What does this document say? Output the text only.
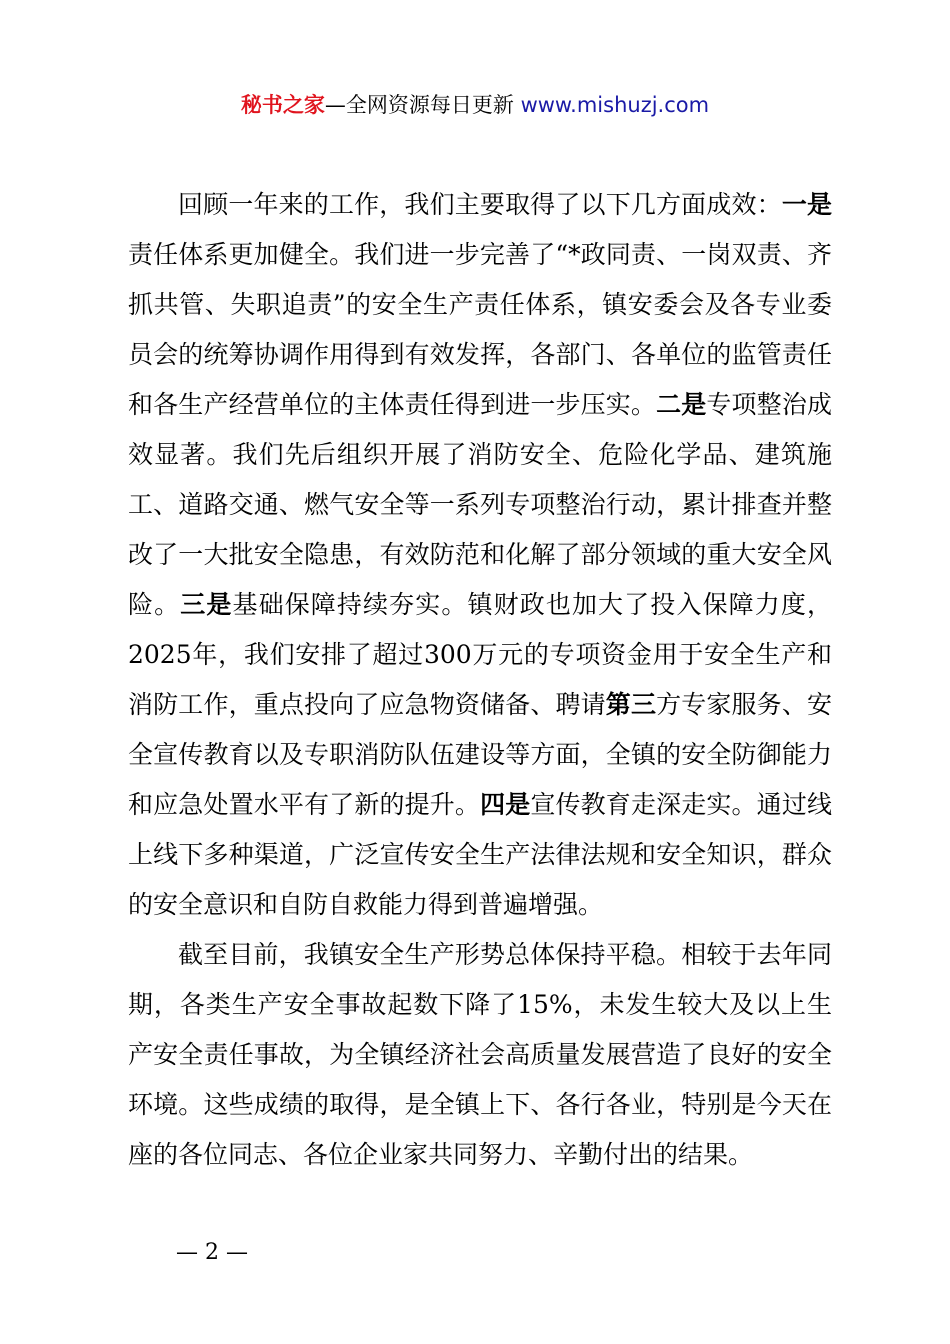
秘书之家—全网资源每日更新 www.mishuzj.com

回顾一年来的工作，我们主要取得了以下几方面成效：一是责任体系更加健全。我们进一步完善了“*政同责、一岗双责、齐抓共管、失职追责”的安全生产责任体系，镇安委会及各专业委员会的统筹协调作用得到有效发挥，各部门、各单位的监管责任和各生产经营单位的主体责任得到进一步压实。二是专项整治成效显著。我们先后组织开展了消防安全、危险化学品、建筑施工、道路交通、燃气安全等一系列专项整治行动，累计排查并整改了一大批安全隐患，有效防范和化解了部分领域的重大安全风险。三是基础保障持续夯实。镇财政也加大了投入保障力度，2025年，我们安排了超过300万元的专项资金用于安全生产和消防工作，重点投向了应急物资储备、聘请第三方专家服务、安全宣传教育以及专职消防队伍建设等方面，全镇的安全防御能力和应急处置水平有了新的提升。四是宣传教育走深走实。通过线上线下多种渠道，广泛宣传安全生产法律法规和安全知识，群众的安全意识和自防自救能力得到普遍增强。

截至目前，我镇安全生产形势总体保持平稳。相较于去年同期，各类生产安全事故起数下降了15%，未发生较大及以上生产安全责任事故，为全镇经济社会高质量发展营造了良好的安全环境。这些成绩的取得，是全镇上下、各行各业，特别是今天在座的各位同志、各位企业家共同努力、辛勤付出的结果。

— 2 —
